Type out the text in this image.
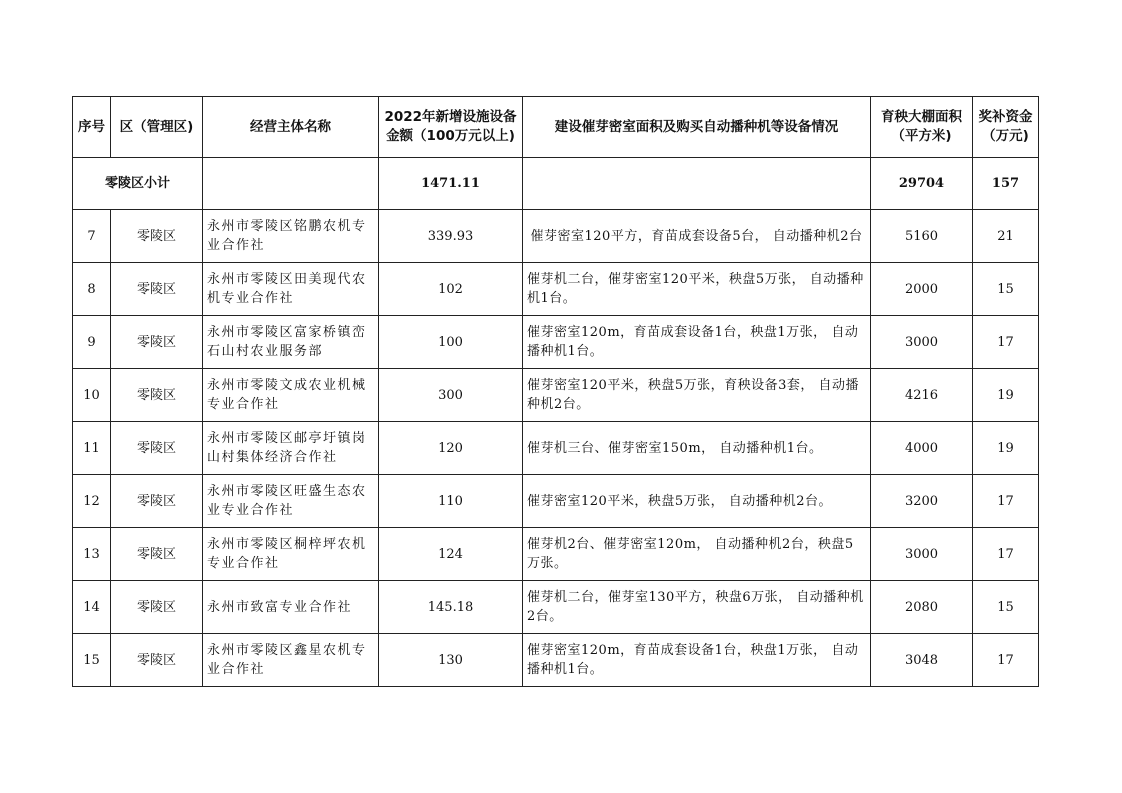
序号	区（管理区)	经营主体名称	2022年新增设施设备金额（100万元以上)	建设催芽密室面积及购买自动播种机等设备情况	育秧大棚面积（平方米)	奖补资金（万元)
零陵区小计			1471.11		29704	157
7	零陵区	永州市零陵区铭鹏农机专业合作社	339.93	催芽密室120平方，育苗成套设备5台， 自动播种机2台	5160	21
8	零陵区	永州市零陵区田美现代农机专业合作社	102	催芽机二台，催芽密室120平米，秧盘5万张， 自动播种机1台。	2000	15
9	零陵区	永州市零陵区富家桥镇峦石山村农业服务部	100	催芽密室120m，育苗成套设备1台，秧盘1万张， 自动播种机1台。	3000	17
10	零陵区	永州市零陵文成农业机械专业合作社	300	催芽密室120平米，秧盘5万张，育秧设备3套， 自动播种机2台。	4216	19
11	零陵区	永州市零陵区邮亭圩镇岗山村集体经济合作社	120	催芽机三台、催芽密室150m， 自动播种机1台。	4000	19
12	零陵区	永州市零陵区旺盛生态农业专业合作社	110	催芽密室120平米，秧盘5万张， 自动播种机2台。	3200	17
13	零陵区	永州市零陵区桐梓坪农机专业合作社	124	催芽机2台、催芽密室120m， 自动播种机2台，秧盘5万张。	3000	17
14	零陵区	永州市致富专业合作社	145.18	催芽机二台，催芽室130平方，秧盘6万张， 自动播种机2台。	2080	15
15	零陵区	永州市零陵区鑫星农机专业合作社	130	催芽密室120m，育苗成套设备1台，秧盘1万张， 自动播种机1台。	3048	17
